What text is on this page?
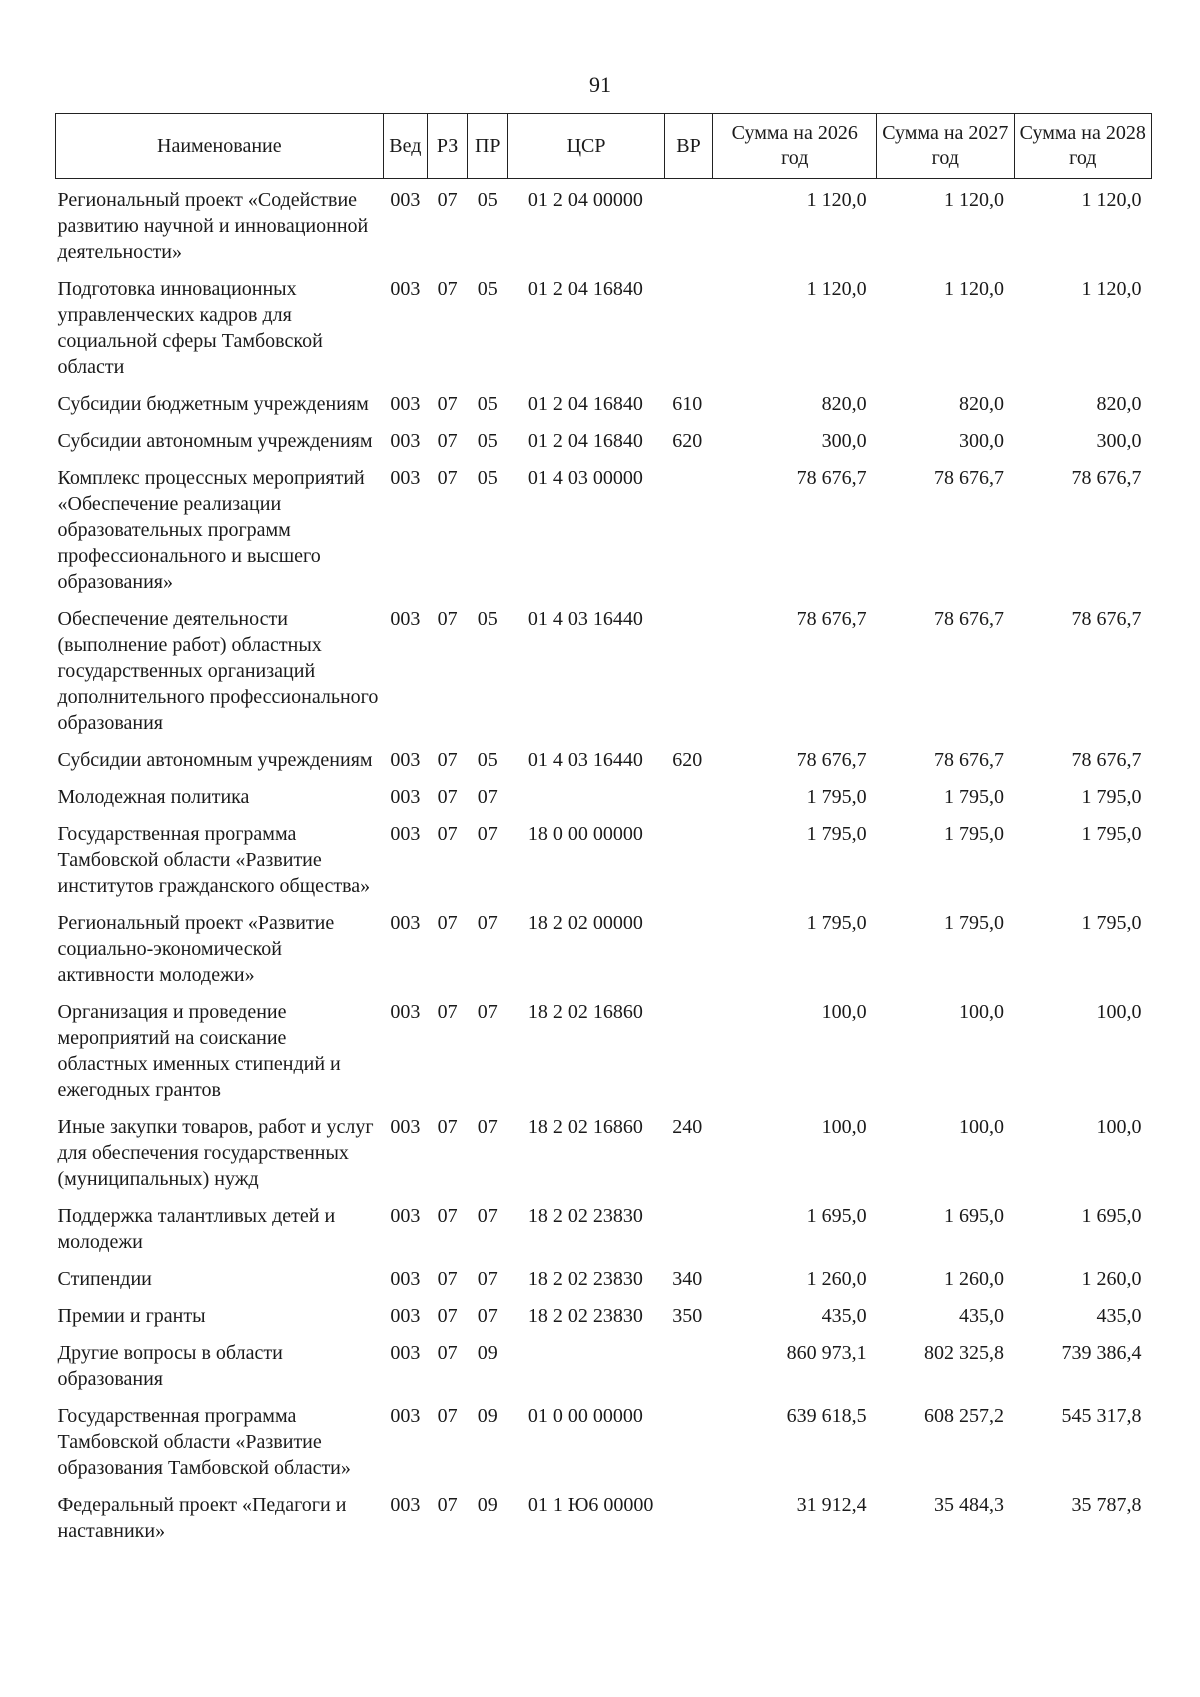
91
Наименование	Вед	РЗ	ПР	ЦСР	ВР	Сумма на 2026 год	Сумма на 2027 год	Сумма на 2028 год
Региональный проект «Содействие развитию научной и инновационной деятельности»	003	07	05	01 2 04 00000		1 120,0	1 120,0	1 120,0
Подготовка инновационных управленческих кадров для социальной сферы Тамбовской области	003	07	05	01 2 04 16840		1 120,0	1 120,0	1 120,0
Субсидии бюджетным учреждениям	003	07	05	01 2 04 16840	610	820,0	820,0	820,0
Субсидии автономным учреждениям	003	07	05	01 2 04 16840	620	300,0	300,0	300,0
Комплекс процессных мероприятий «Обеспечение реализации образовательных программ профессионального и высшего образования»	003	07	05	01 4 03 00000		78 676,7	78 676,7	78 676,7
Обеспечение деятельности (выполнение работ) областных государственных организаций дополнительного профессионального образования	003	07	05	01 4 03 16440		78 676,7	78 676,7	78 676,7
Субсидии автономным учреждениям	003	07	05	01 4 03 16440	620	78 676,7	78 676,7	78 676,7
Молодежная политика	003	07	07			1 795,0	1 795,0	1 795,0
Государственная программа Тамбовской области «Развитие институтов гражданского общества»	003	07	07	18 0 00 00000		1 795,0	1 795,0	1 795,0
Региональный проект «Развитие социально-экономической активности молодежи»	003	07	07	18 2 02 00000		1 795,0	1 795,0	1 795,0
Организация и проведение мероприятий на соискание областных именных стипендий и ежегодных грантов	003	07	07	18 2 02 16860		100,0	100,0	100,0
Иные закупки товаров, работ и услуг для обеспечения государственных (муниципальных) нужд	003	07	07	18 2 02 16860	240	100,0	100,0	100,0
Поддержка талантливых детей и молодежи	003	07	07	18 2 02 23830		1 695,0	1 695,0	1 695,0
Стипендии	003	07	07	18 2 02 23830	340	1 260,0	1 260,0	1 260,0
Премии и гранты	003	07	07	18 2 02 23830	350	435,0	435,0	435,0
Другие вопросы в области образования	003	07	09			860 973,1	802 325,8	739 386,4
Государственная программа Тамбовской области «Развитие образования Тамбовской области»	003	07	09	01 0 00 00000		639 618,5	608 257,2	545 317,8
Федеральный проект «Педагоги и наставники»	003	07	09	01 1 Ю6 00000		31 912,4	35 484,3	35 787,8
